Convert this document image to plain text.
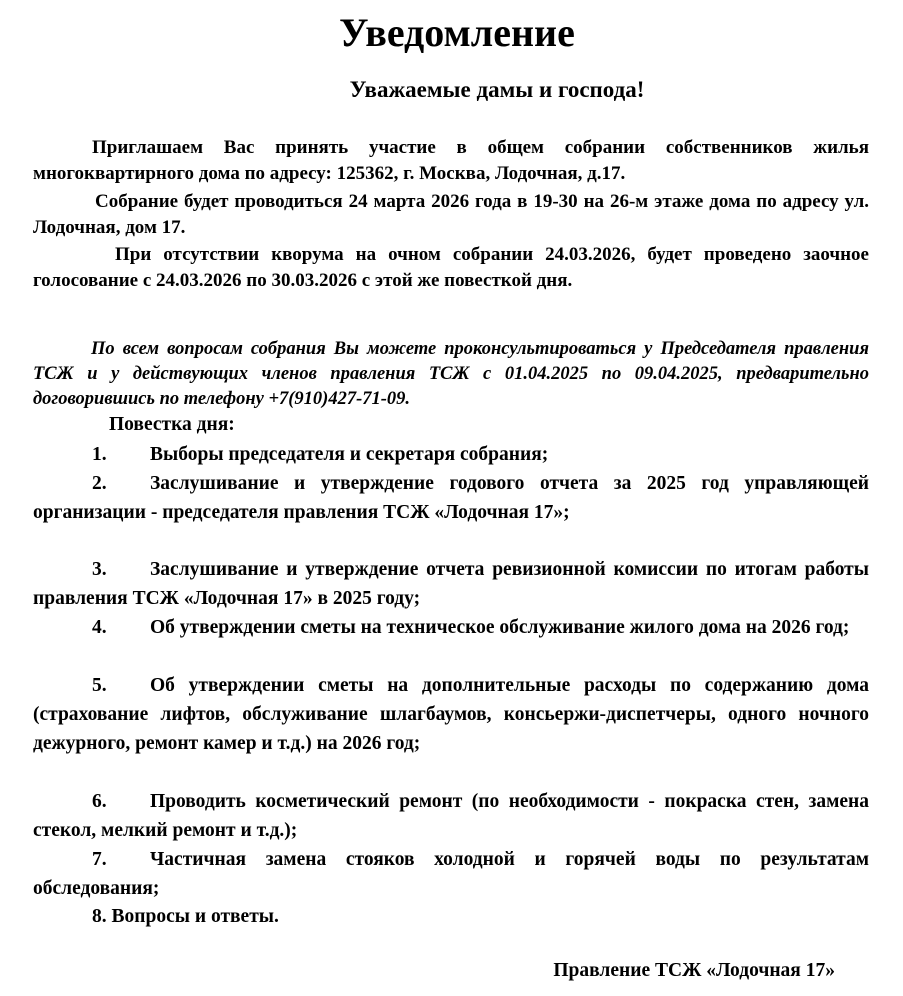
Уведомление
Уважаемые дамы и господа!

Приглашаем Вас принять участие в общем собрании собственников жилья многоквартирного дома по адресу: 125362, г. Москва, Лодочная, д.17.

Собрание будет проводиться 24 марта 2026 года в 19-30 на 26-м этаже дома по адресу ул. Лодочная, дом 17.

При отсутствии кворума на очном собрании 24.03.2026, будет проведено заочное голосование с 24.03.2026 по 30.03.2026 с этой же повесткой дня.

По всем вопросам собрания Вы можете проконсультироваться у Председателя правления ТСЖ и у действующих членов правления ТСЖ с 01.04.2025 по 09.04.2025, предварительно договорившись по телефону +7(910)427-71-09.

Повестка дня:
1. Выборы председателя и секретаря собрания;
2. Заслушивание и утверждение годового отчета за 2025 год управляющей организации - председателя правления ТСЖ «Лодочная 17»;
3. Заслушивание и утверждение отчета ревизионной комиссии по итогам работы правления ТСЖ «Лодочная 17» в 2025 году;
4. Об утверждении сметы на техническое обслуживание жилого дома на 2026 год;
5. Об утверждении сметы на дополнительные расходы по содержанию дома (страхование лифтов, обслуживание шлагбаумов, консьержи-диспетчеры, одного ночного дежурного, ремонт камер и т.д.) на 2026 год;
6. Проводить косметический ремонт (по необходимости - покраска стен, замена стекол, мелкий ремонт и т.д.);
7. Частичная замена стояков холодной и горячей воды по результатам обследования;
8. Вопросы и ответы.
Правление ТСЖ «Лодочная 17»
